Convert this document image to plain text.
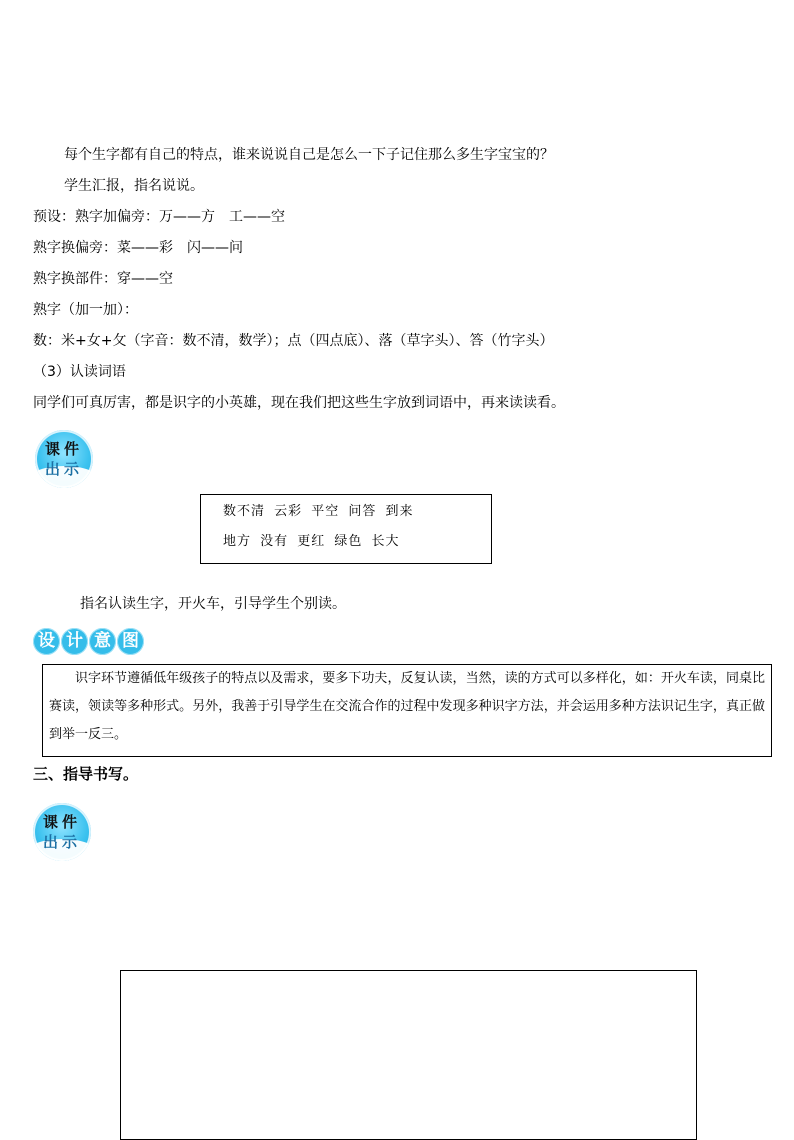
每个生字都有自己的特点，谁来说说自己是怎么一下子记住那么多生字宝宝的？
学生汇报，指名说说。
预设：熟字加偏旁：万——方　工——空
熟字换偏旁：菜——彩　闪——问
熟字换部件：穿——空
熟字（加一加）：
数：米+女+攵（字音：数不清，数学）；点（四点底）、落（草字头）、答（竹字头）
（3）认读词语
同学们可真厉害，都是识字的小英雄，现在我们把这些生字放到词语中，再来读读看。
课件
出示
数不清 云彩 平空 问答 到来
地方 没有 更红 绿色 长大
指名认读生字，开火车，引导学生个别读。
设 计 意 图

识字环节遵循低年级孩子的特点以及需求，要多下功夫，反复认读，当然，读的方式可以多样化，如：开火车读，同桌比赛读，领读等多种形式。另外，我善于引导学生在交流合作的过程中发现多种识字方法，并会运用多种方法识记生字，真正做到举一反三。

三、指导书写。
课件
出示
